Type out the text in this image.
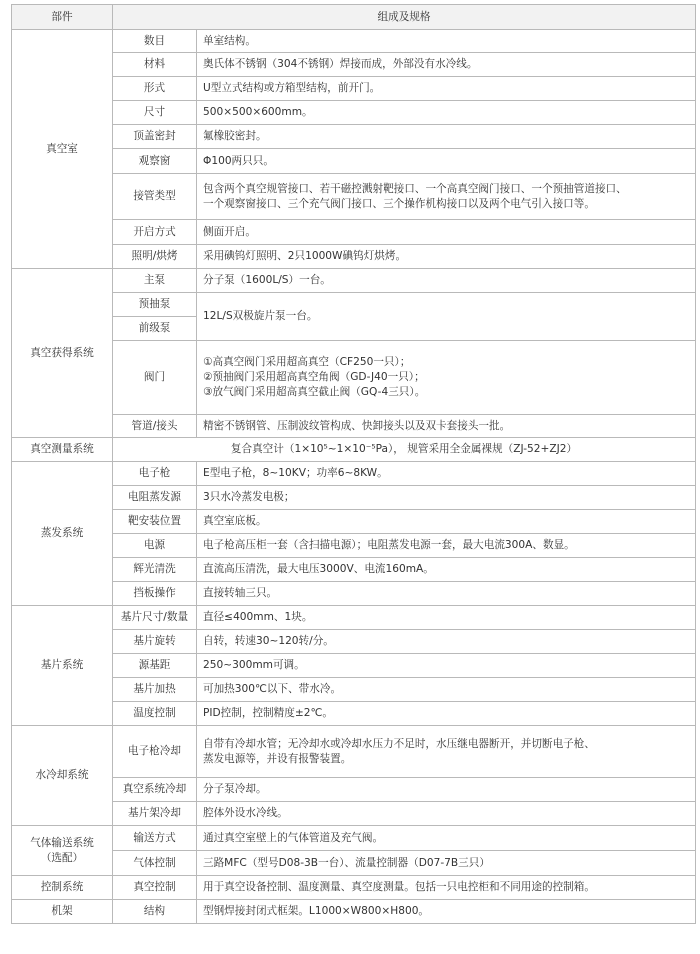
部件	组成及规格	
真空室	数目	单室结构。
	材料	奥氏体不锈钢（304不锈钢）焊接而成，外部没有水冷线。
	形式	U型立式结构或方箱型结构，前开门。
	尺寸	500×500×600mm。
	顶盖密封	氟橡胶密封。
	观察窗	Φ100两只只。
	接管类型	包含两个真空规管接口、若干磁控溅射靶接口、一个高真空阀门接口、一个预抽管道接口、
一个观察窗接口、三个充气阀门接口、三个操作机构接口以及两个电气引入接口等。
	开启方式	侧面开启。
	照明/烘烤	采用碘钨灯照明、2只1000W碘钨灯烘烤。
真空获得系统	主泵	分子泵（1600L/S）一台。
	预抽泵	12L/S双极旋片泵一台。
	前级泵	
	阀门	①高真空阀门采用超高真空（CF250一只）；
②预抽阀门采用超高真空角阀（GD-J40一只）；
③放气阀门采用超高真空截止阀（GQ-4三只）。
	管道/接头	精密不锈钢管、压制波纹管构成、快卸接头以及双卡套接头一批。
真空测量系统	复合真空计（1×10⁵~1×10⁻⁵Pa）， 规管采用全金属裸规（ZJ-52+ZJ2）	
蒸发系统	电子枪	E型电子枪，8~10KV；功率6~8KW。
	电阻蒸发源	3只水冷蒸发电极；
	靶安装位置	真空室底板。
	电源	电子枪高压柜一套（含扫描电源）；电阻蒸发电源一套，最大电流300A、数显。
	辉光清洗	直流高压清洗，最大电压3000V、电流160mA。
	挡板操作	直接转轴三只。
基片系统	基片尺寸/数量	直径≤400mm、1块。
	基片旋转	自转，转速30~120转/分。
	源基距	250~300mm可调。
	基片加热	可加热300℃以下、带水冷。
	温度控制	PID控制，控制精度±2℃。
水冷却系统	电子枪冷却	自带有冷却水管；无冷却水或冷却水压力不足时，水压继电器断开，并切断电子枪、
蒸发电源等，并设有报警装置。
	真空系统冷却	分子泵冷却。
	基片架冷却	腔体外设水冷线。
气体输送系统
（选配）	输送方式	通过真空室壁上的气体管道及充气阀。
	气体控制	三路MFC（型号D08-3B一台）、流量控制器（D07-7B三只）
控制系统	真空控制	用于真空设备控制、温度测量、真空度测量。包括一只电控柜和不同用途的控制箱。
机架	结构	型钢焊接封闭式框架。L1000×W800×H800。
